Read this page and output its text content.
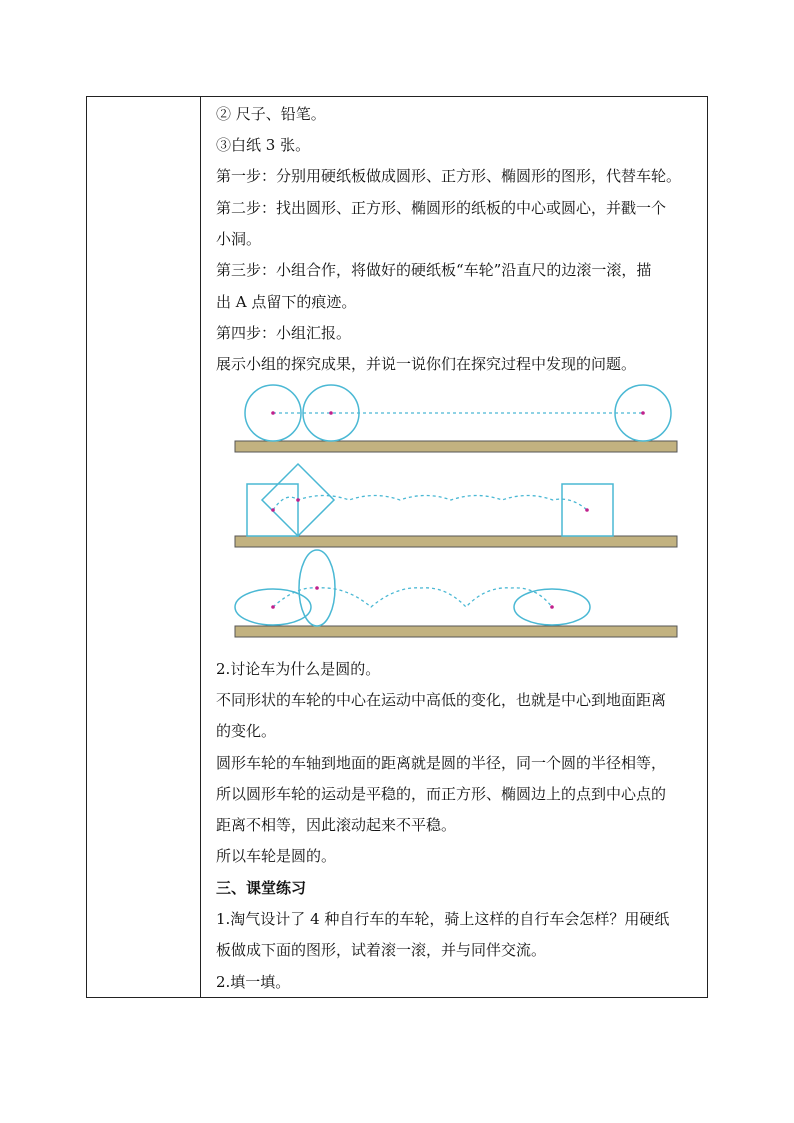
② 尺子、铅笔。
③白纸 3 张。
第一步：分别用硬纸板做成圆形、正方形、椭圆形的图形，代替车轮。
第二步：找出圆形、正方形、椭圆形的纸板的中心或圆心，并戳一个
小洞。
第三步：小组合作，将做好的硬纸板“车轮”沿直尺的边滚一滚，描
出 A 点留下的痕迹。
第四步：小组汇报。
展示小组的探究成果，并说一说你们在探究过程中发现的问题。
2.讨论车为什么是圆的。
不同形状的车轮的中心在运动中高低的变化，也就是中心到地面距离
的变化。
圆形车轮的车轴到地面的距离就是圆的半径，同一个圆的半径相等，
所以圆形车轮的运动是平稳的，而正方形、椭圆边上的点到中心点的
距离不相等，因此滚动起来不平稳。
所以车轮是圆的。
三、课堂练习
1.淘气设计了 4 种自行车的车轮，骑上这样的自行车会怎样？用硬纸
板做成下面的图形，试着滚一滚，并与同伴交流。
2.填一填。
